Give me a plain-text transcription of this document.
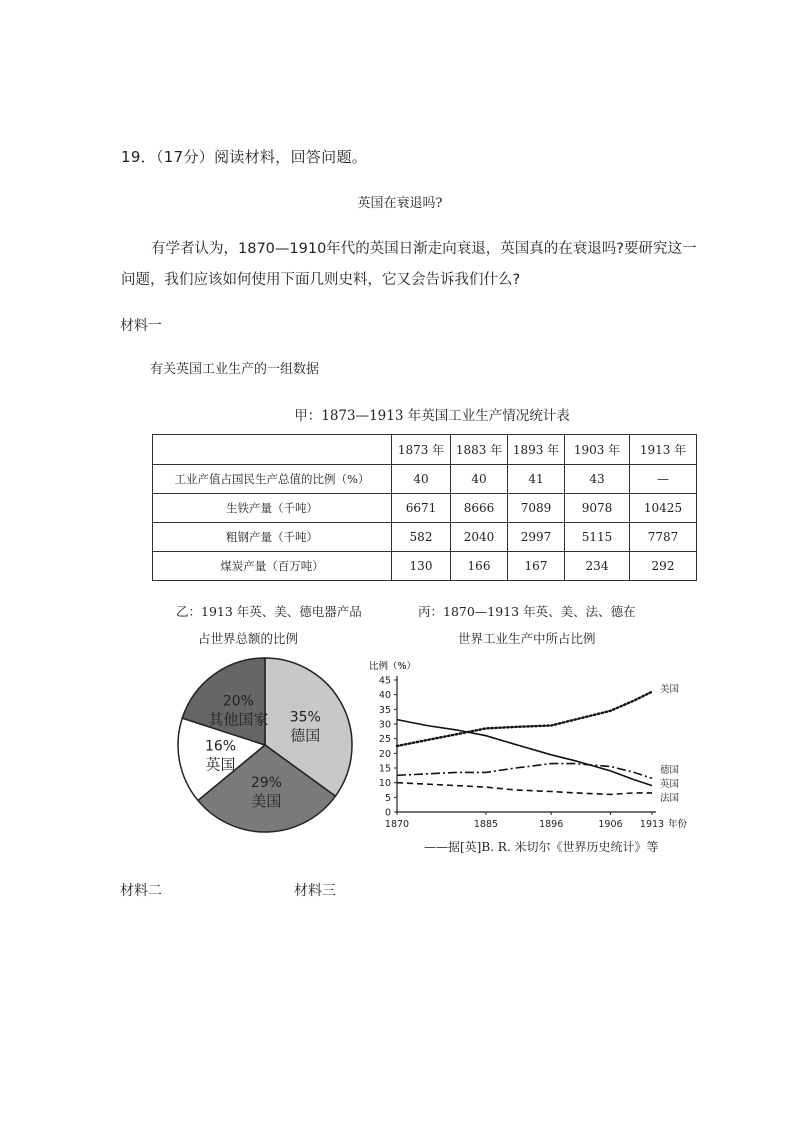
19．（17分）阅读材料，回答问题。
英国在衰退吗?
有学者认为，1870—1910年代的英国日渐走向衰退，英国真的在衰退吗?要研究这一问题，我们应该如何使用下面几则史料，它又会告诉我们什么?
材料一
有关英国工业生产的一组数据
甲：1873—1913 年英国工业生产情况统计表
	1873 年	1883 年	1893 年	1903 年	1913 年
工业产值占国民生产总值的比例（%）	40	40	41	43	—
生铁产量（千吨）	6671	8666	7089	9078	10425
粗钢产量（千吨）	582	2040	2997	5115	7787
煤炭产量（百万吨）	130	166	167	234	292
乙：1913 年英、美、德电器产品
占世界总额的比例
丙：1870—1913 年英、美、法、德在
世界工业生产中所占比例
35%
德国
29%
美国
16%
英国
20%
其他国家
比例（%）
年份
0
5
10
15
20
25
30
35
40
45
1870	1885	1896	1906 1913
美国
英国
德国
法国
——据[英]B. R. 米切尔《世界历史统计》等
材料二	材料三
